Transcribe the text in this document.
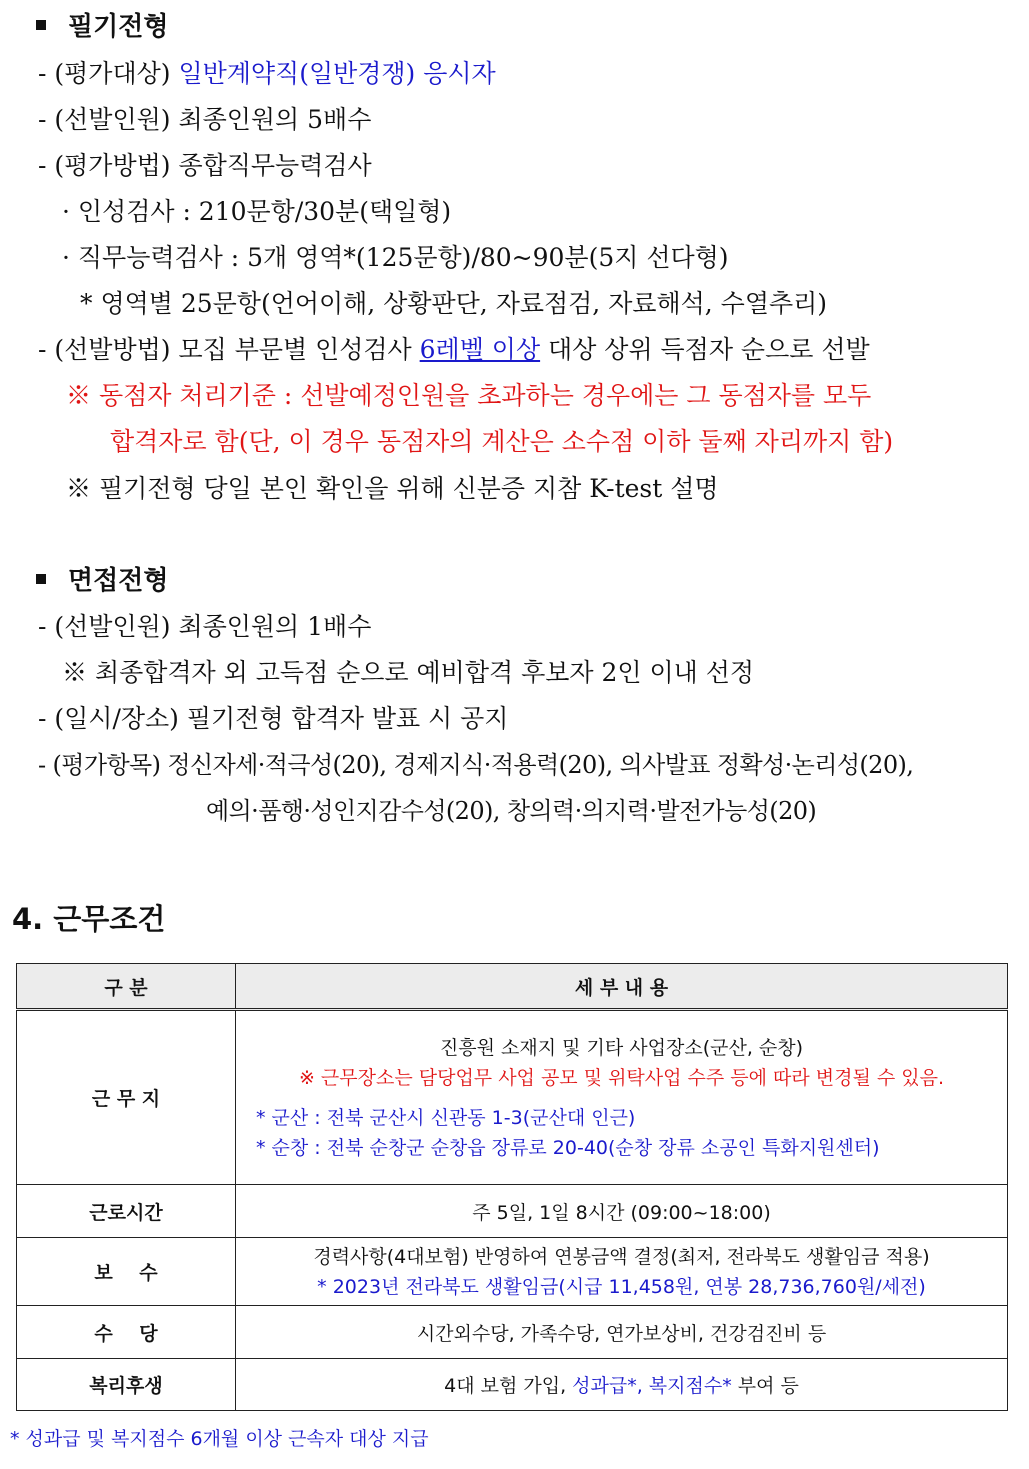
필기전형
- (평가대상) 일반계약직(일반경쟁) 응시자
- (선발인원) 최종인원의 5배수
- (평가방법) 종합직무능력검사
· 인성검사 : 210문항/30분(택일형)
· 직무능력검사 : 5개 영역*(125문항)/80~90분(5지 선다형)
* 영역별 25문항(언어이해, 상황판단, 자료점검, 자료해석, 수열추리)
- (선발방법) 모집 부문별 인성검사 6레벨 이상 대상 상위 득점자 순으로 선발
※ 동점자 처리기준 : 선발예정인원을 초과하는 경우에는 그 동점자를 모두
합격자로 함(단, 이 경우 동점자의 계산은 소수점 이하 둘째 자리까지 함)
※ 필기전형 당일 본인 확인을 위해 신분증 지참 K-test 설명
면접전형
- (선발인원) 최종인원의 1배수
※ 최종합격자 외 고득점 순으로 예비합격 후보자 2인 이내 선정
- (일시/장소) 필기전형 합격자 발표 시 공지
- (평가항목) 정신자세·적극성(20), 경제지식·적용력(20), 의사발표 정확성·논리성(20),
예의·품행·성인지감수성(20), 창의력·의지력·발전가능성(20)
4. 근무조건
구 분	세 부 내 용
근 무 지	진흥원 소재지 및 기타 사업장소(군산, 순창)
※ 근무장소는 담당업무 사업 공모 및 위탁사업 수주 등에 따라 변경될 수 있음.
* 군산 : 전북 군산시 신관동 1-3(군산대 인근)
* 순창 : 전북 순창군 순창읍 장류로 20-40(순창 장류 소공인 특화지원센터)

근로시간	주 5일, 1일 8시간 (09:00~18:00)
보    수	경력사항(4대보험) 반영하여 연봉금액 결정(최저, 전라북도 생활임금 적용)
* 2023년 전라북도 생활임금(시급 11,458원, 연봉 28,736,760원/세전)

수    당	시간외수당, 가족수당, 연가보상비, 건강검진비 등
복리후생	4대 보험 가입, 성과급*, 복지점수* 부여 등
* 성과급 및 복지점수 6개월 이상 근속자 대상 지급
